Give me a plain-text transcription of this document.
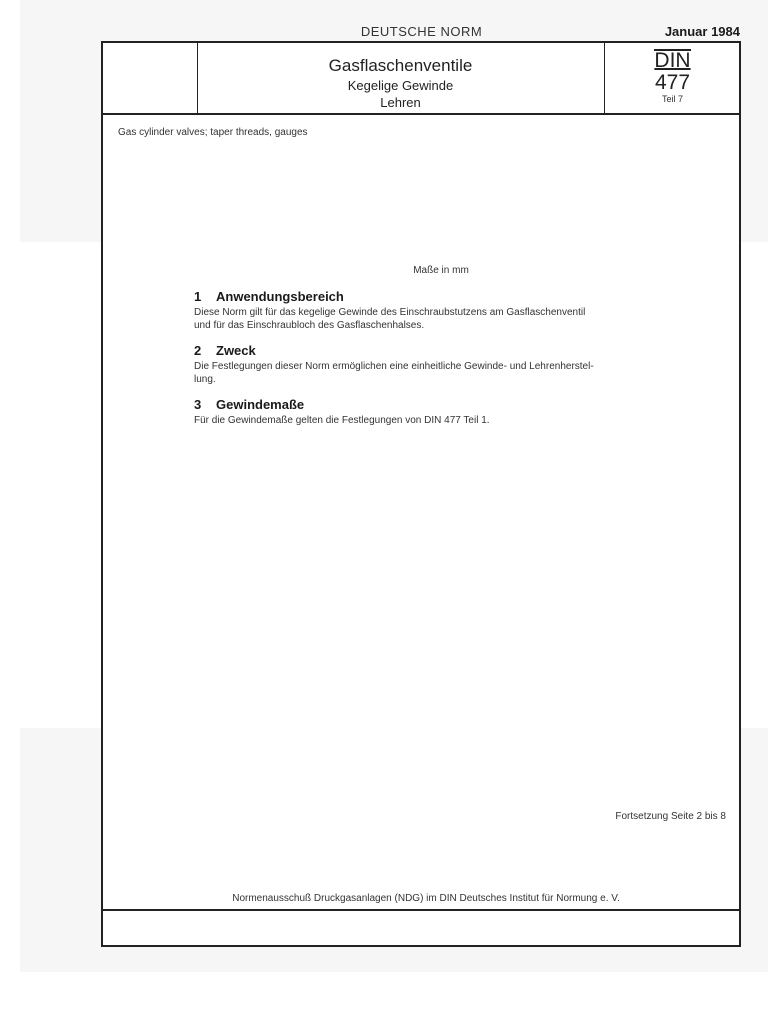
DEUTSCHE NORM	Januar 1984
Gasflaschenventile
Kegelige Gewinde
Lehren
DIN
477
Teil 7
Gas cylinder valves; taper threads, gauges
Maße in mm
1 Anwendungsbereich

Diese Norm gilt für das kegelige Gewinde des Einschraubstutzens am Gasflaschenventil
und für das Einschraubloch des Gasflaschenhalses.

2 Zweck

Die Festlegungen dieser Norm ermöglichen eine einheitliche Gewinde- und Lehrenherstel-
lung.

3 Gewindemaße

Für die Gewindemaße gelten die Festlegungen von DIN 477 Teil 1.

Fortsetzung Seite 2 bis 8
Normenausschuß Druckgasanlagen (NDG) im DIN Deutsches Institut für Normung e. V.
